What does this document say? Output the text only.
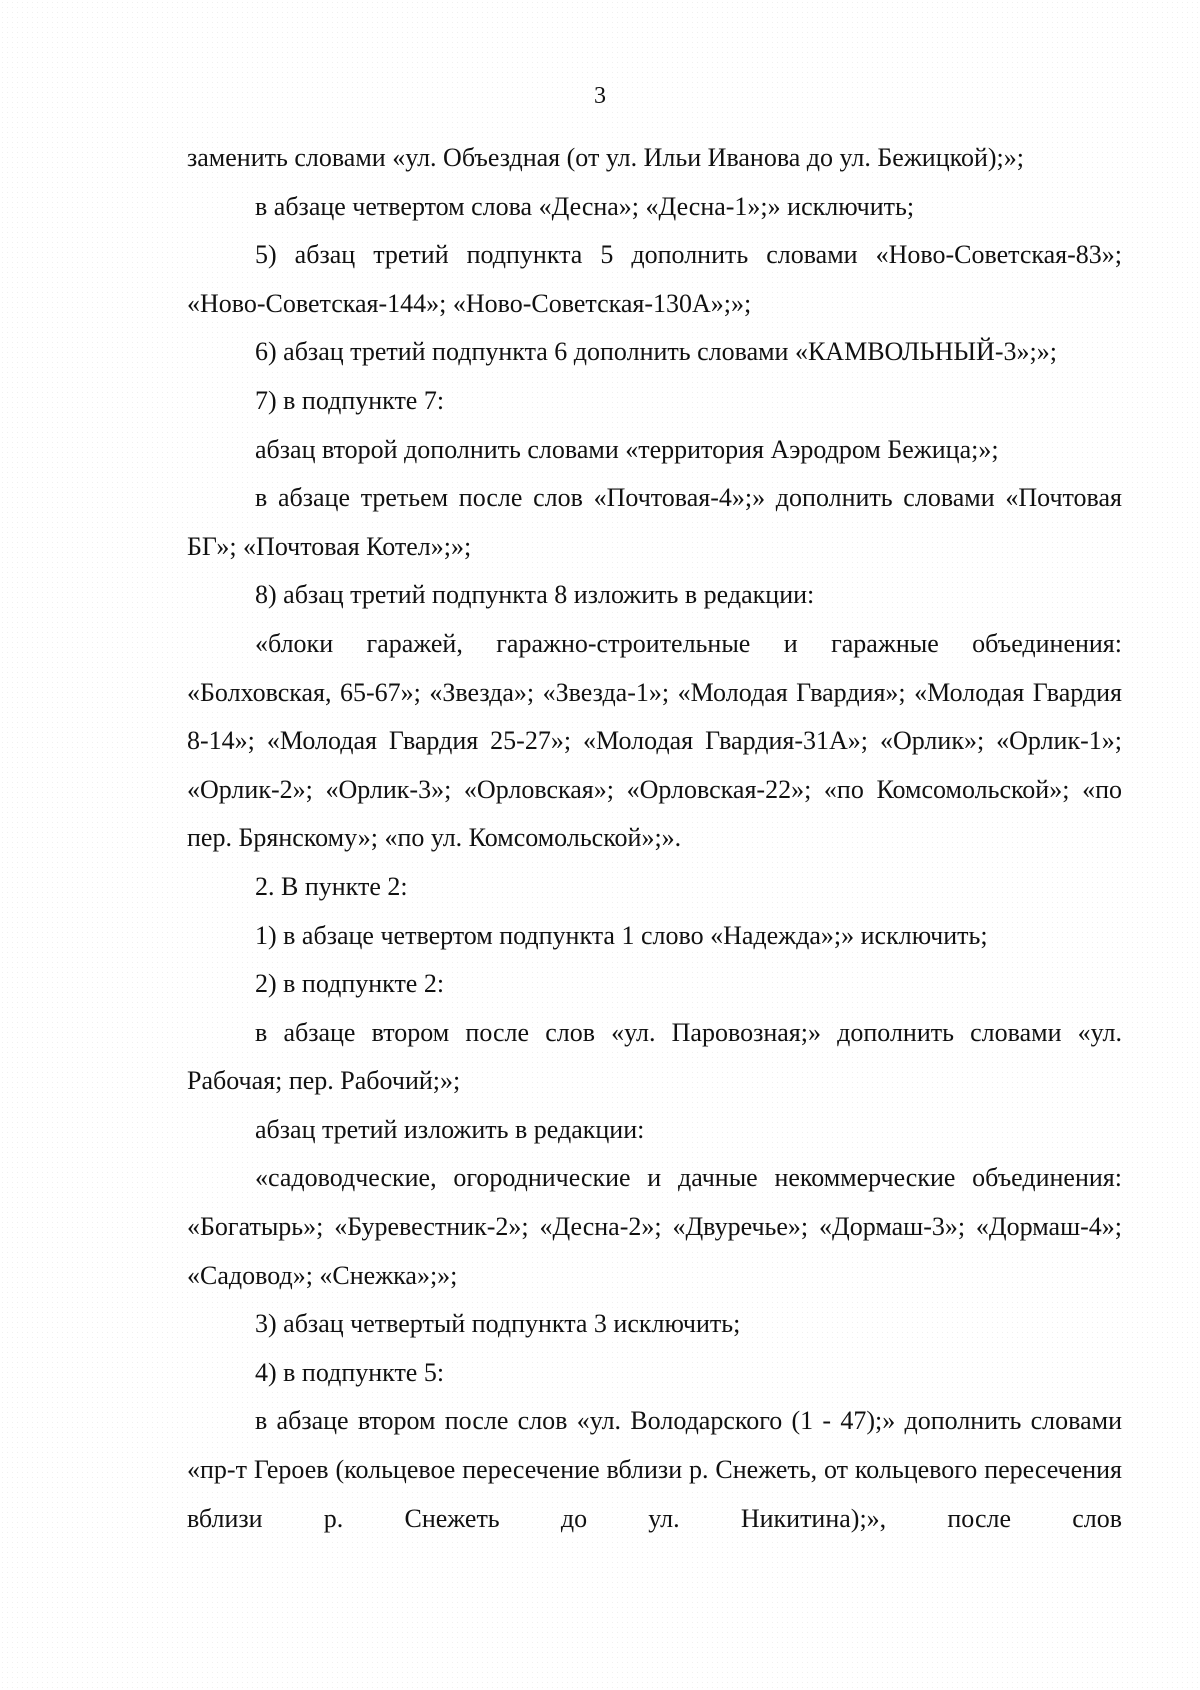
3

заменить словами «ул. Объездная (от ул. Ильи Иванова до ул. Бежицкой);»;

в абзаце четвертом слова «Десна»; «Десна-1»;» исключить;

5) абзац третий подпункта 5 дополнить словами «Ново-Советская-83»; «Ново-Советская-144»; «Ново-Советская-130А»;»;

6) абзац третий подпункта 6 дополнить словами «КАМВОЛЬНЫЙ-3»;»;

7) в подпункте 7:

абзац второй дополнить словами «территория Аэродром Бежица;»;

в абзаце третьем после слов «Почтовая-4»;» дополнить словами «Почтовая БГ»; «Почтовая Котел»;»;

8) абзац третий подпункта 8 изложить в редакции:

«блоки гаражей, гаражно-строительные и гаражные объединения: «Болховская, 65-67»; «Звезда»; «Звезда-1»; «Молодая Гвардия»; «Молодая Гвардия 8-14»; «Молодая Гвардия 25-27»; «Молодая Гвардия-31А»; «Орлик»; «Орлик-1»; «Орлик-2»; «Орлик-3»; «Орловская»; «Орловская-22»; «по Комсомольской»; «по пер. Брянскому»; «по ул. Комсомольской»;».

2. В пункте 2:

1) в абзаце четвертом подпункта 1 слово «Надежда»;» исключить;

2) в подпункте 2:

в абзаце втором после слов «ул. Паровозная;» дополнить словами «ул. Рабочая; пер. Рабочий;»;

абзац третий изложить в редакции:

«садоводческие, огороднические и дачные некоммерческие объединения: «Богатырь»; «Буревестник-2»; «Десна-2»; «Двуречье»; «Дормаш-3»; «Дормаш-4»; «Садовод»; «Снежка»;»;

3) абзац четвертый подпункта 3 исключить;

4) в подпункте 5:

в абзаце втором после слов «ул. Володарского (1 - 47);» дополнить словами «пр-т Героев (кольцевое пересечение вблизи р. Снежеть, от кольцевого пересечения вблизи р. Снежеть до ул. Никитина);», после слов
